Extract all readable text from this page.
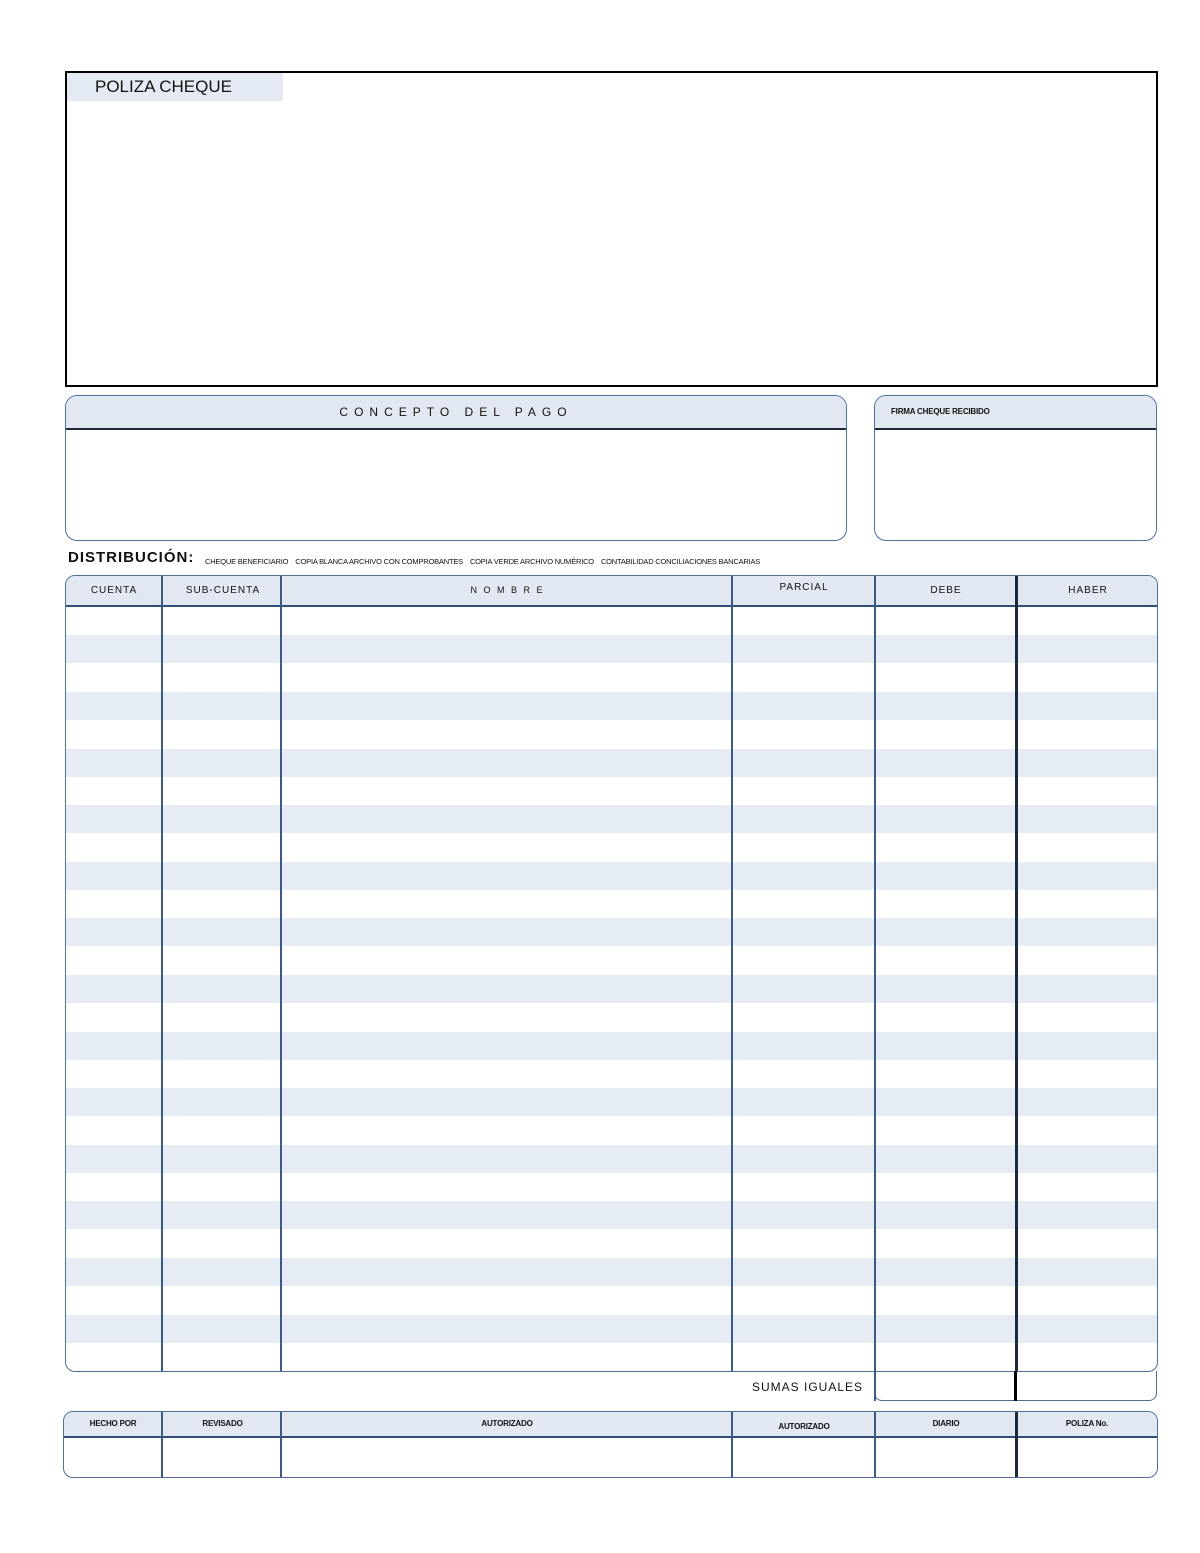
POLIZA CHEQUE
CONCEPTO DEL PAGO	FIRMA CHEQUE RECIBIDO
DISTRIBUCIÓN: CHEQUE BENEFICIARIO COPIA BLANCA ARCHIVO CON COMPROBANTES COPIA VERDE ARCHIVO NUMÉRICO CONTABILIDAD CONCILIACIONES BANCARIAS
CUENTA	SUB-CUENTA	N O M B R E	PARCIAL	DEBE	HABER
SUMAS IGUALES
HECHO POR	REVISADO	AUTORIZADO	AUTORIZADO	DIARIO	POLIZA No.
